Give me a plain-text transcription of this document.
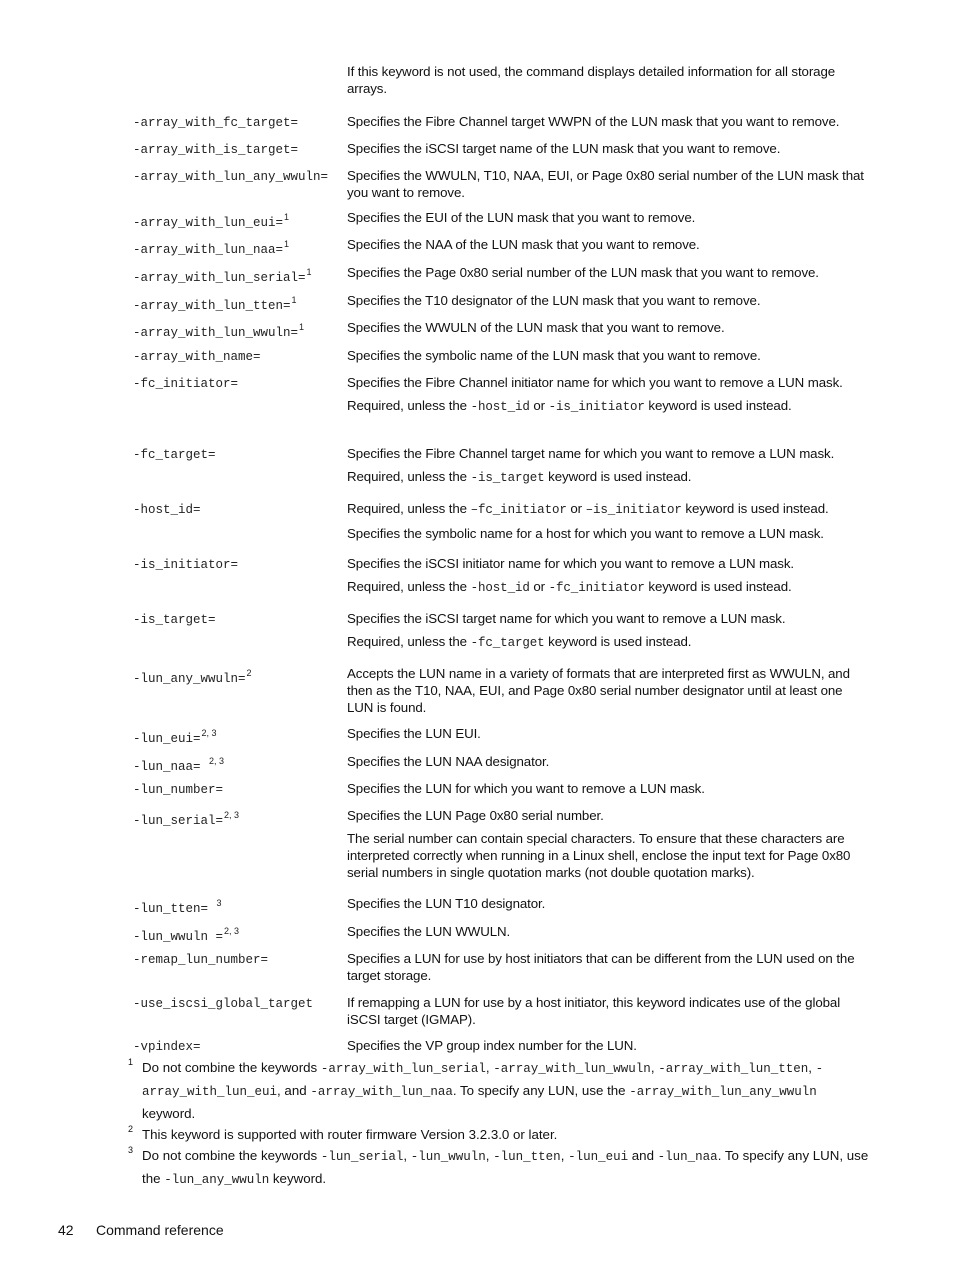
If this keyword is not used, the command displays detailed information for all storage arrays.
-array_with_fc_target=	Specifies the Fibre Channel target WWPN of the LUN mask that you want to remove.

-array_with_is_target=	Specifies the iSCSI target name of the LUN mask that you want to remove.

-array_with_lun_any_wwuln= Specifies the WWULN, T10, NAA, EUI, or Page 0x80 serial number of the LUN mask that you want to remove.

-array_with_lun_eui=$^1$	Specifies the EUI of the LUN mask that you want to remove.

-array_with_lun_naa=$^1$	Specifies the NAA of the LUN mask that you want to remove.

-array_with_lun_serial=$^1$	Specifies the Page 0x80 serial number of the LUN mask that you want to remove.

-array_with_lun_tten=$^1$	Specifies the T10 designator of the LUN mask that you want to remove.

-array_with_lun_wwuln=$^1$	Specifies the WWULN of the LUN mask that you want to remove.

-array_with_name=	Specifies the symbolic name of the LUN mask that you want to remove.

-fc_initiator=	Specifies the Fibre Channel initiator name for which you want to remove a LUN mask.

Required, unless the -host_id or -is_initiator keyword is used instead.

-fc_target=	Specifies the Fibre Channel target name for which you want to remove a LUN mask.

Required, unless the -is_target keyword is used instead.

-host_id=	Required, unless the –fc_initiator or –is_initiator keyword is used instead.

Specifies the symbolic name for a host for which you want to remove a LUN mask.

-is_initiator=	Specifies the iSCSI initiator name for which you want to remove a LUN mask.

Required, unless the -host_id or -fc_initiator keyword is used instead.

-is_target=	Specifies the iSCSI target name for which you want to remove a LUN mask.

Required, unless the -fc_target keyword is used instead.

-lun_any_wwuln=$^2$	Accepts the LUN name in a variety of formats that are interpreted first as WWULN, and then as the T10, NAA, EUI, and Page 0x80 serial number designator until at least one LUN is found.

-lun_eui=$^{2, 3}$	Specifies the LUN EUI.

-lun_naa= $^{2, 3}$	Specifies the LUN NAA designator.

-lun_number=	Specifies the LUN for which you want to remove a LUN mask.

-lun_serial=$^{2, 3}$	Specifies the LUN Page 0x80 serial number.

The serial number can contain special characters. To ensure that these characters are interpreted correctly when running in a Linux shell, enclose the input text for Page 0x80 serial numbers in single quotation marks (not double quotation marks).

-lun_tten= $^3$	Specifies the LUN T10 designator.

-lun_wwuln =$^{2, 3}$	Specifies the LUN WWULN.

-remap_lun_number=	Specifies a LUN for use by host initiators that can be different from the LUN used on the target storage.

-use_iscsi_global_target	If remapping a LUN for use by a host initiator, this keyword indicates use of the global iSCSI target (IGMAP).

-vpindex=	Specifies the VP group index number for the LUN.

1 Do not combine the keywords -array_with_lun_serial, -array_with_lun_wwuln, -array_with_lun_tten, -array_with_lun_eui, and -array_with_lun_naa. To specify any LUN, use the -array_with_lun_any_wwuln keyword.
2 This keyword is supported with router firmware Version 3.2.3.0 or later.
3 Do not combine the keywords -lun_serial, -lun_wwuln, -lun_tten, -lun_eui and -lun_naa. To specify any LUN, use the -lun_any_wwuln keyword.
42 Command reference
